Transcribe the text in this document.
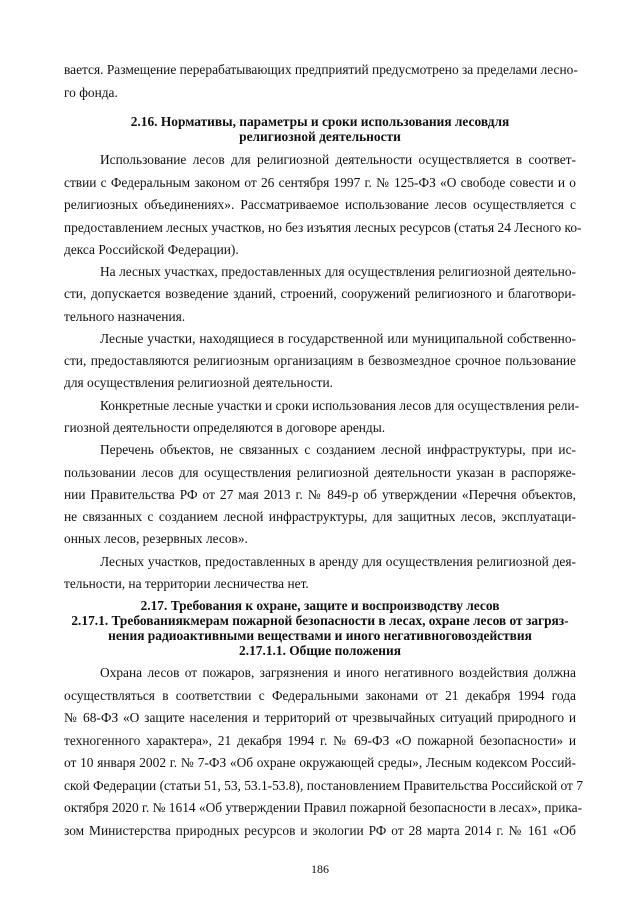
вается. Размещение перерабатывающих предприятий предусмотрено за пределами лесно-
го фонда.
2.16. Нормативы, параметры и сроки использования лесовдля
религиозной деятельности
Использование лесов для религиозной деятельности осуществляется в соответ-
ствии с Федеральным законом от 26 сентября 1997 г. № 125-ФЗ «О свободе совести и о
религиозных объединениях». Рассматриваемое использование лесов осуществляется с
предоставлением лесных участков, но без изъятия лесных ресурсов (статья 24 Лесного ко-
декса Российской Федерации).
На лесных участках, предоставленных для осуществления религиозной деятельно-
сти, допускается возведение зданий, строений, сооружений религиозного и благотвори-
тельного назначения.
Лесные участки, находящиеся в государственной или муниципальной собственно-
сти, предоставляются религиозным организациям в безвозмездное срочное пользование
для осуществления религиозной деятельности.
Конкретные лесные участки и сроки использования лесов для осуществления рели-
гиозной деятельности определяются в договоре аренды.
Перечень объектов, не связанных с созданием лесной инфраструктуры, при ис-
пользовании лесов для осуществления религиозной деятельности указан в распоряже-
нии Правительства РФ от 27 мая 2013 г. № 849-р об утверждении «Перечня объектов,
не связанных с созданием лесной инфраструктуры, для защитных лесов, эксплуатаци-
онных лесов, резервных лесов».
Лесных участков, предоставленных в аренду для осуществления религиозной дея-
тельности, на территории лесничества нет.
2.17. Требования к охране, защите и воспроизводству лесов
2.17.1. Требованиякмерам пожарной безопасности в лесах, охране лесов от загряз-
нения радиоактивными веществами и иного негативноговоздействия
2.17.1.1. Общие положения
Охрана лесов от пожаров, загрязнения и иного негативного воздействия должна
осуществляться в соответствии с Федеральными законами от 21 декабря 1994 года
№ 68-ФЗ «О защите населения и территорий от чрезвычайных ситуаций природного и
техногенного характера», 21 декабря 1994 г. № 69-ФЗ «О пожарной безопасности» и
от 10 января 2002 г. № 7-ФЗ «Об охране окружающей среды», Лесным кодексом Россий-
ской Федерации (статьи 51, 53, 53.1-53.8), постановлением Правительства Российской от 7
октября 2020 г. № 1614 «Об утверждении Правил пожарной безопасности в лесах», прика-
зом Министерства природных ресурсов и экологии РФ от 28 марта 2014 г. № 161 «Об
186
